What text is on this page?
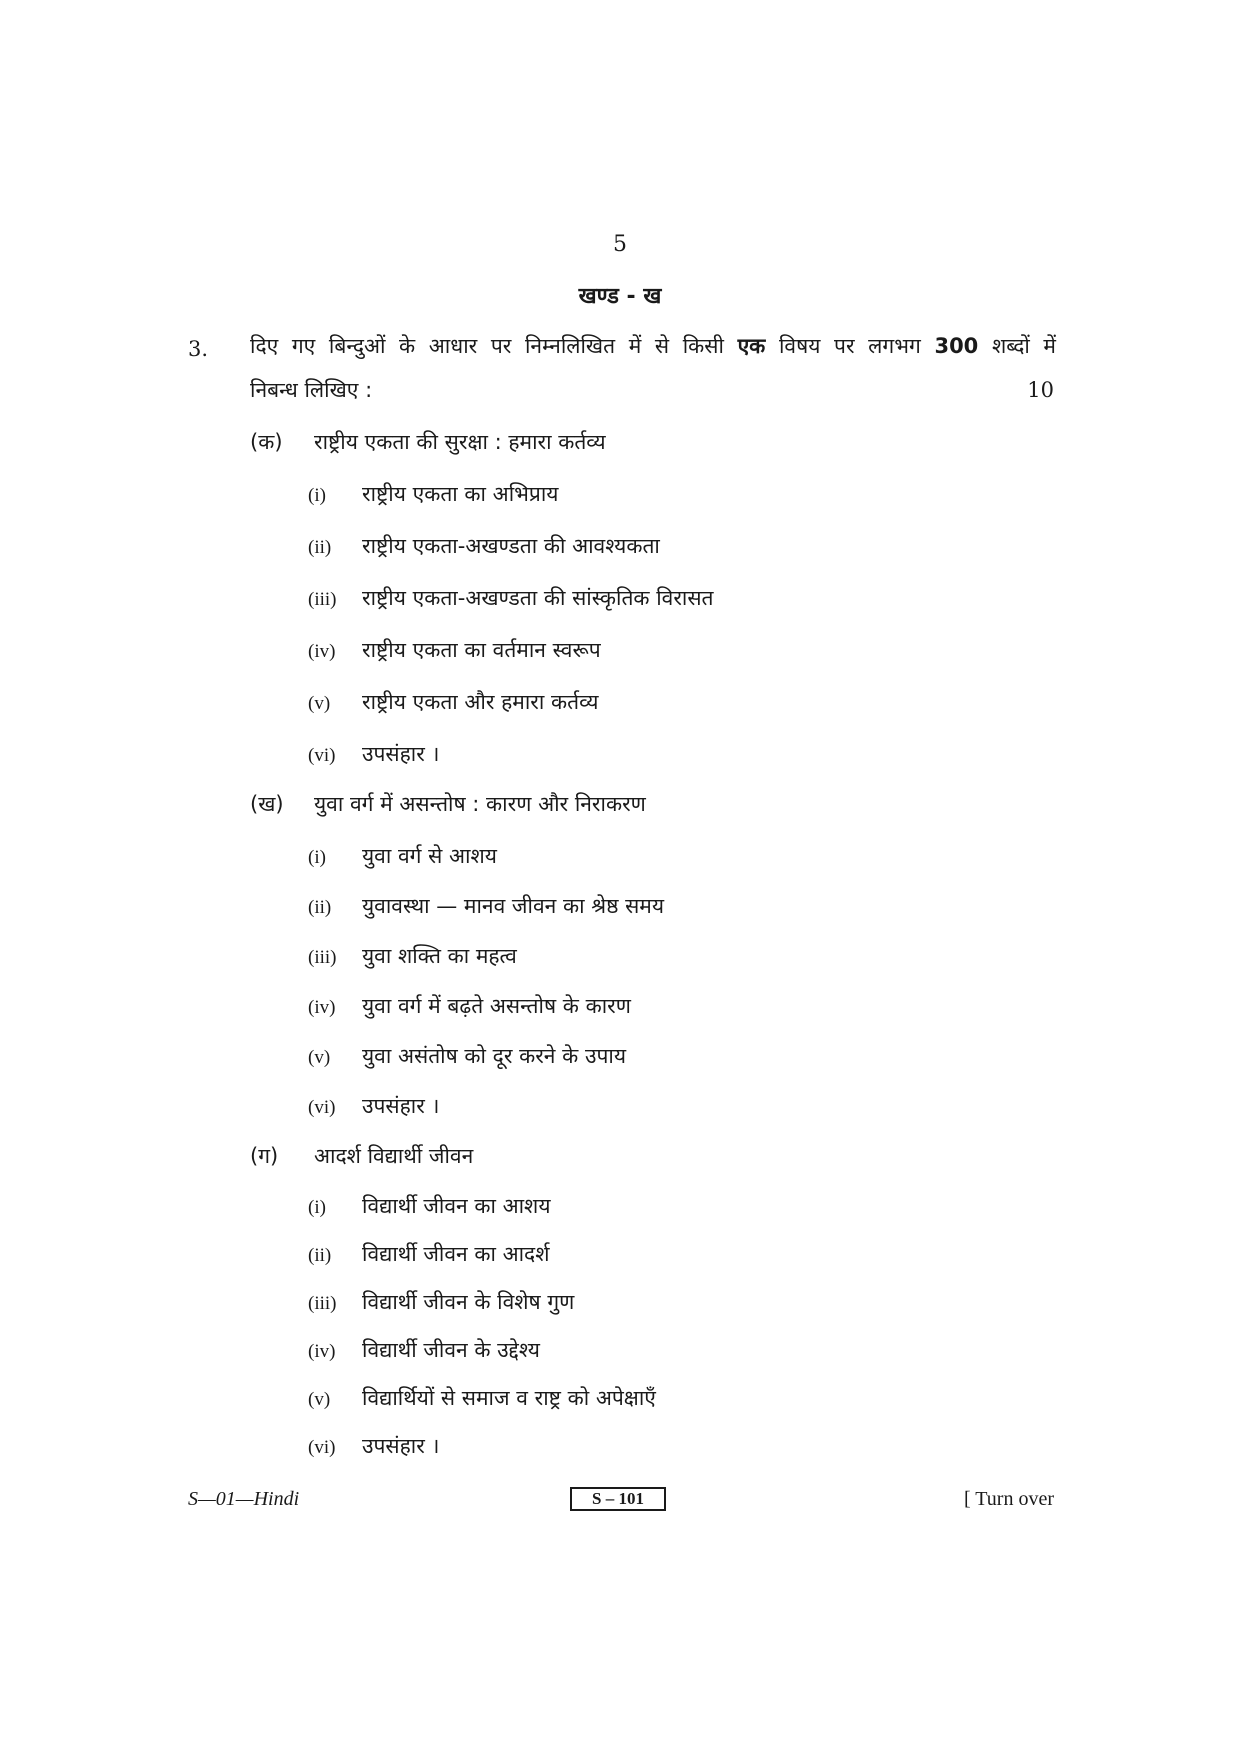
5
खण्ड - ख
3. दिए गए बिन्दुओं के आधार पर निम्नलिखित में से किसी एक विषय पर लगभग 300 शब्दों में
निबन्ध लिखिए :	10
(क) राष्ट्रीय एकता की सुरक्षा : हमारा कर्तव्य
(i) राष्ट्रीय एकता का अभिप्राय
(ii) राष्ट्रीय एकता-अखण्डता की आवश्यकता
(iii) राष्ट्रीय एकता-अखण्डता की सांस्कृतिक विरासत
(iv) राष्ट्रीय एकता का वर्तमान स्वरूप
(v) राष्ट्रीय एकता और हमारा कर्तव्य
(vi) उपसंहार ।
(ख) युवा वर्ग में असन्तोष : कारण और निराकरण
(i) युवा वर्ग से आशय
(ii) युवावस्था — मानव जीवन का श्रेष्ठ समय
(iii) युवा शक्ति का महत्व
(iv) युवा वर्ग में बढ़ते असन्तोष के कारण
(v) युवा असंतोष को दूर करने के उपाय
(vi) उपसंहार ।
(ग) आदर्श विद्यार्थी जीवन
(i) विद्यार्थी जीवन का आशय
(ii) विद्यार्थी जीवन का आदर्श
(iii) विद्यार्थी जीवन के विशेष गुण
(iv) विद्यार्थी जीवन के उद्देश्य
(v) विद्यार्थियों से समाज व राष्ट्र को अपेक्षाएँ
(vi) उपसंहार ।
S—01—Hindi	S – 101	[ Turn over
